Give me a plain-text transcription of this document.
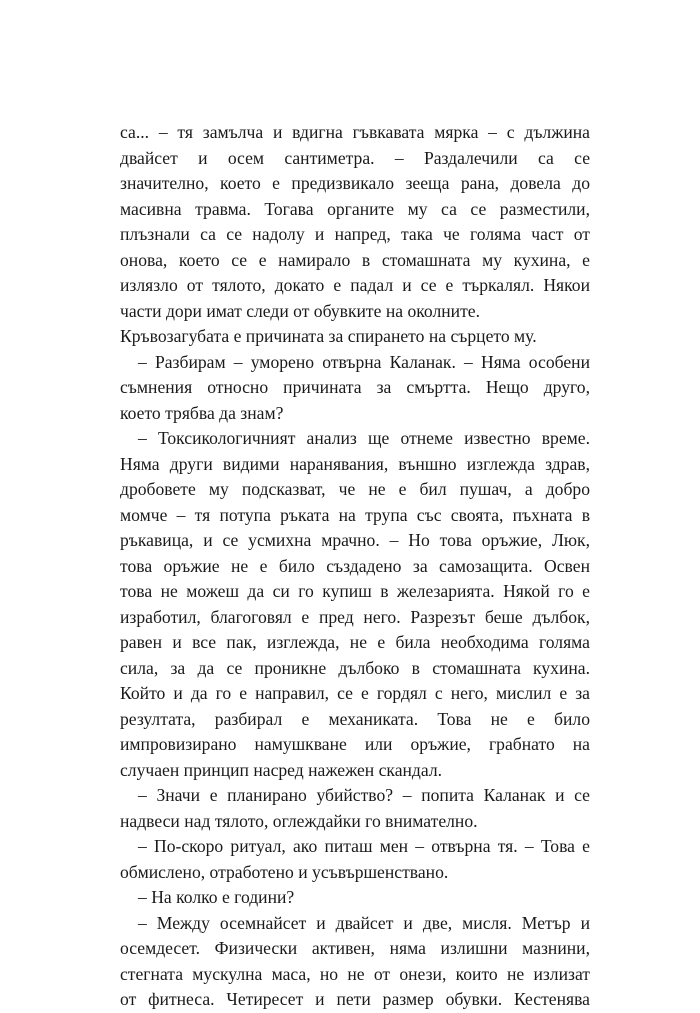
са... – тя замълча и вдигна гъвкавата мярка – с дължина
двайсет и осем сантиметра. – Раздалечили са се
значително, което е предизвикало зееща рана, довела до
масивна травма. Тогава органите му са се разместили,
плъзнали са се надолу и напред, така че голяма част от
онова, което се е намирало в стомашната му кухина, е
излязло от тялото, докато е падал и се е търкалял. Някои
части дори имат следи от обувките на околните.
Кръвозагубата е причината за спирането на сърцето му.
– Разбирам – уморено отвърна Каланак. – Няма особени
съмнения относно причината за смъртта. Нещо друго,
което трябва да знам?
– Токсикологичният анализ ще отнеме известно време.
Няма други видими наранявания, външно изглежда здрав,
дробовете му подсказват, че не е бил пушач, а добро
момче – тя потупа ръката на трупа със своята, пъхната в
ръкавица, и се усмихна мрачно. – Но това оръжие, Люк,
това оръжие не е било създадено за самозащита. Освен
това не можеш да си го купиш в железарията. Някой го е
изработил, благоговял е пред него. Разрезът беше дълбок,
равен и все пак, изглежда, не е била необходима голяма
сила, за да се проникне дълбоко в стомашната кухина.
Който и да го е направил, се е гордял с него, мислил е за
резултата, разбирал е механиката. Това не е било
импровизирано намушкване или оръжие, грабнато на
случаен принцип насред нажежен скандал.
– Значи е планирано убийство? – попита Каланак и се
надвеси над тялото, оглеждайки го внимателно.
– По-скоро ритуал, ако питаш мен – отвърна тя. – Това е
обмислено, отработено и усъвършенствано.
– На колко е години?
– Между осемнайсет и двайсет и две, мисля. Метър и
осемдесет. Физически активен, няма излишни мазнини,
стегната мускулна маса, но не от онези, които не излизат
от фитнеса. Четиресет и пети размер обувки. Кестенява
